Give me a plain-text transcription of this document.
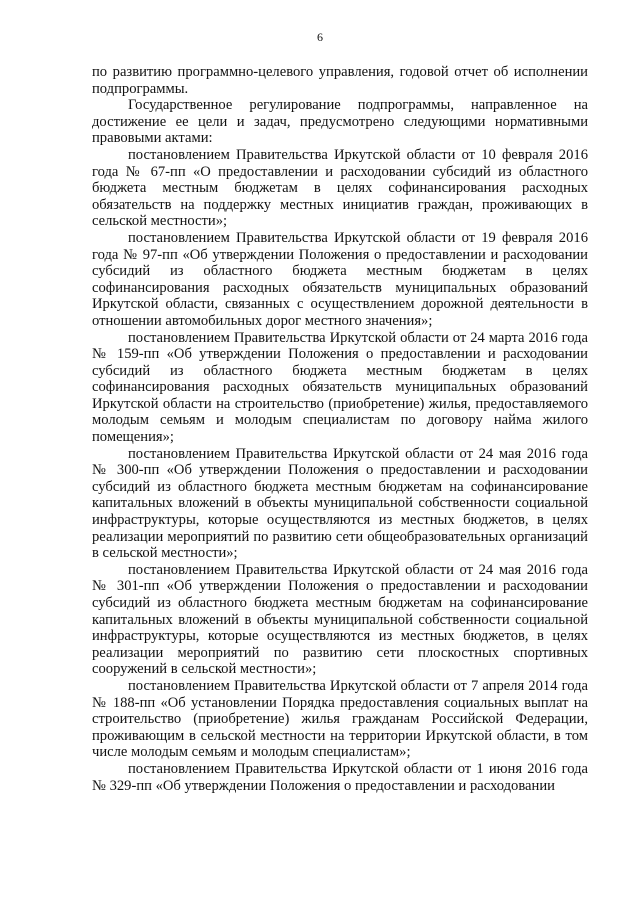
6

по развитию программно-целевого управления, годовой отчет об исполнении подпрограммы.

Государственное регулирование подпрограммы, направленное на достижение ее цели и задач, предусмотрено следующими нормативными правовыми актами:

постановлением Правительства Иркутской области от 10 февраля 2016 года № 67-пп «О предоставлении и расходовании субсидий из областного бюджета местным бюджетам в целях софинансирования расходных обязательств на поддержку местных инициатив граждан, проживающих в сельской местности»;

постановлением Правительства Иркутской области от 19 февраля 2016 года № 97-пп «Об утверждении Положения о предоставлении и расходовании субсидий из областного бюджета местным бюджетам в целях софинансирования расходных обязательств муниципальных образований Иркутской области, связанных с осуществлением дорожной деятельности в отношении автомобильных дорог местного значения»;

постановлением Правительства Иркутской области от 24 марта 2016 года № 159-пп «Об утверждении Положения о предоставлении и расходовании субсидий из областного бюджета местным бюджетам в целях софинансирования расходных обязательств муниципальных образований Иркутской области на строительство (приобретение) жилья, предоставляемого молодым семьям и молодым специалистам по договору найма жилого помещения»;

постановлением Правительства Иркутской области от 24 мая 2016 года № 300-пп «Об утверждении Положения о предоставлении и расходовании субсидий из областного бюджета местным бюджетам на софинансирование капитальных вложений в объекты муниципальной собственности социальной инфраструктуры, которые осуществляются из местных бюджетов, в целях реализации мероприятий по развитию сети общеобразовательных организаций в сельской местности»;

постановлением Правительства Иркутской области от 24 мая 2016 года № 301-пп «Об утверждении Положения о предоставлении и расходовании субсидий из областного бюджета местным бюджетам на софинансирование капитальных вложений в объекты муниципальной собственности социальной инфраструктуры, которые осуществляются из местных бюджетов, в целях реализации мероприятий по развитию сети плоскостных спортивных сооружений в сельской местности»;

постановлением Правительства Иркутской области от 7 апреля 2014 года № 188-пп «Об установлении Порядка предоставления социальных выплат на строительство (приобретение) жилья гражданам Российской Федерации, проживающим в сельской местности на территории Иркутской области, в том числе молодым семьям и молодым специалистам»;

постановлением Правительства Иркутской области от 1 июня 2016 года № 329-пп «Об утверждении Положения о предоставлении и расходовании
